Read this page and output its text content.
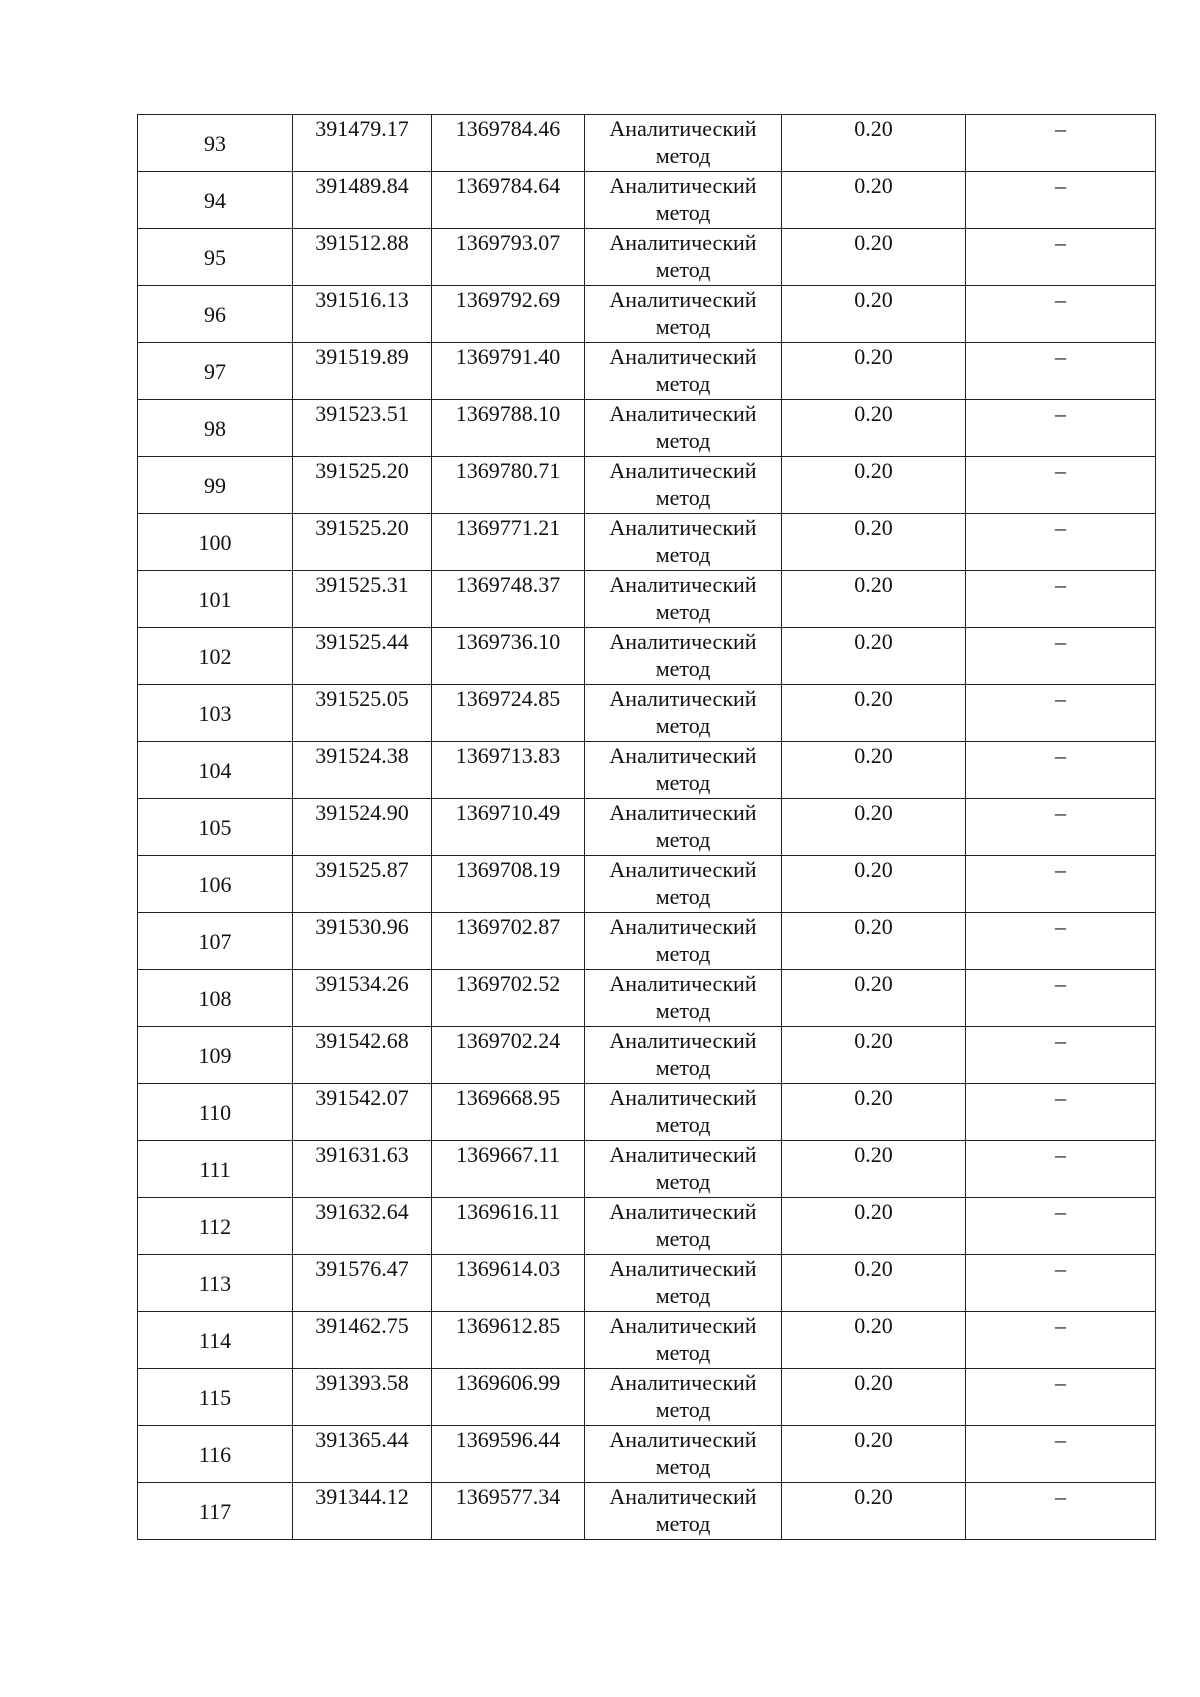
93	391479.17	1369784.46	Аналитический
метод	0.20	–
94	391489.84	1369784.64	Аналитический
метод	0.20	–
95	391512.88	1369793.07	Аналитический
метод	0.20	–
96	391516.13	1369792.69	Аналитический
метод	0.20	–
97	391519.89	1369791.40	Аналитический
метод	0.20	–
98	391523.51	1369788.10	Аналитический
метод	0.20	–
99	391525.20	1369780.71	Аналитический
метод	0.20	–
100	391525.20	1369771.21	Аналитический
метод	0.20	–
101	391525.31	1369748.37	Аналитический
метод	0.20	–
102	391525.44	1369736.10	Аналитический
метод	0.20	–
103	391525.05	1369724.85	Аналитический
метод	0.20	–
104	391524.38	1369713.83	Аналитический
метод	0.20	–
105	391524.90	1369710.49	Аналитический
метод	0.20	–
106	391525.87	1369708.19	Аналитический
метод	0.20	–
107	391530.96	1369702.87	Аналитический
метод	0.20	–
108	391534.26	1369702.52	Аналитический
метод	0.20	–
109	391542.68	1369702.24	Аналитический
метод	0.20	–
110	391542.07	1369668.95	Аналитический
метод	0.20	–
111	391631.63	1369667.11	Аналитический
метод	0.20	–
112	391632.64	1369616.11	Аналитический
метод	0.20	–
113	391576.47	1369614.03	Аналитический
метод	0.20	–
114	391462.75	1369612.85	Аналитический
метод	0.20	–
115	391393.58	1369606.99	Аналитический
метод	0.20	–
116	391365.44	1369596.44	Аналитический
метод	0.20	–
117	391344.12	1369577.34	Аналитический
метод	0.20	–
